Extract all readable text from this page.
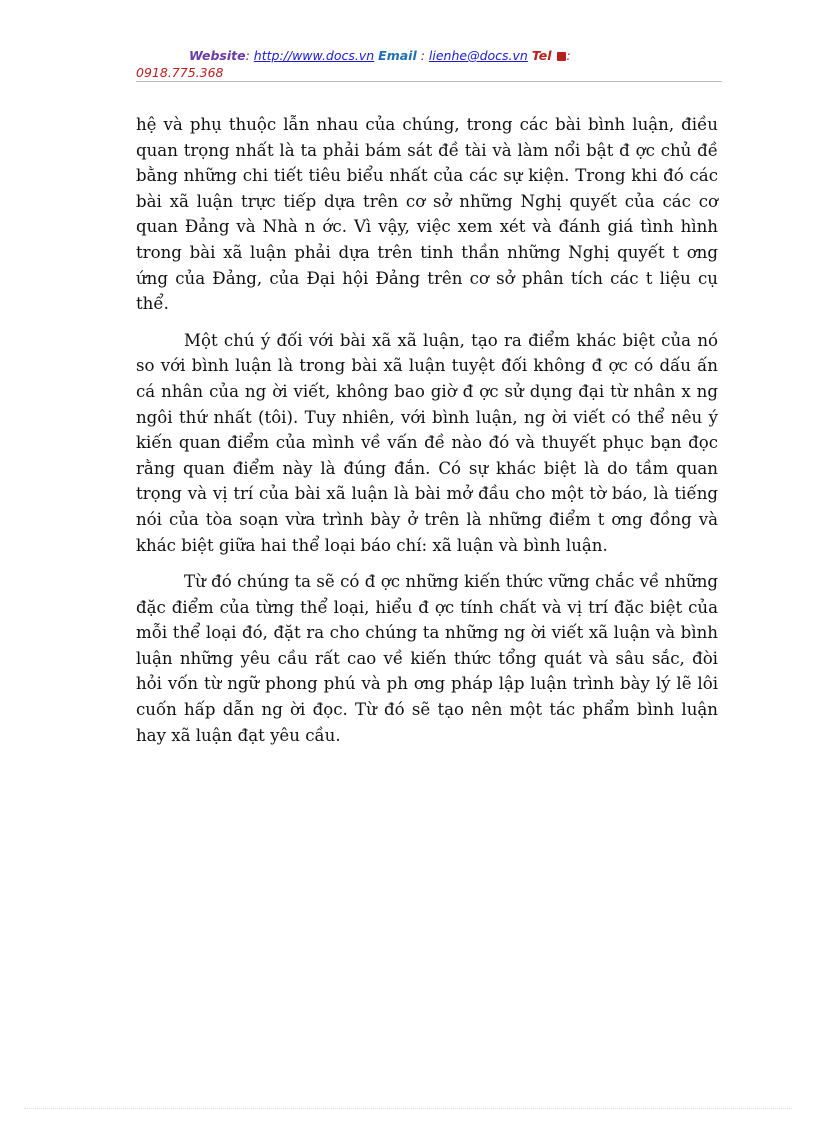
Website: http://www.docs.vn Email : lienhe@docs.vn Tel :
0918.775.368

hệ và phụ thuộc lẫn nhau của chúng, trong các bài bình luận, điều quan trọng nhất là ta phải bám sát đề tài và làm nổi bật đ ợc chủ đề bằng những chi tiết tiêu biểu nhất của các sự kiện. Trong khi đó các bài xã luận trực tiếp dựa trên cơ sở những Nghị quyết của các cơ quan Đảng và Nhà n ớc. Vì vậy, việc xem xét và đánh giá tình hình trong bài xã luận phải dựa trên tinh thần những Nghị quyết t ơng ứng của Đảng, của Đại hội Đảng trên cơ sở phân tích các t liệu cụ thể.

Một chú ý đối với bài xã xã luận, tạo ra điểm khác biệt của nó so với bình luận là trong bài xã luận tuyệt đối không đ ợc có dấu ấn cá nhân của ng ời viết, không bao giờ đ ợc sử dụng đại từ nhân x ng ngôi thứ nhất (tôi). Tuy nhiên, với bình luận, ng ời viết có thể nêu ý kiến quan điểm của mình về vấn đề nào đó và thuyết phục bạn đọc rằng quan điểm này là đúng đắn. Có sự khác biệt là do tầm quan trọng và vị trí của bài xã luận là bài mở đầu cho một tờ báo, là tiếng nói của tòa soạn vừa trình bày ở trên là những điểm t ơng đồng và khác biệt giữa hai thể loại báo chí: xã luận và bình luận.

Từ đó chúng ta sẽ có đ ợc những kiến thức vững chắc về những đặc điểm của từng thể loại, hiểu đ ợc tính chất và vị trí đặc biệt của mỗi thể loại đó, đặt ra cho chúng ta những ng ời viết xã luận và bình luận những yêu cầu rất cao về kiến thức tổng quát và sâu sắc, đòi hỏi vốn từ ngữ phong phú và ph ơng pháp lập luận trình bày lý lẽ lôi cuốn hấp dẫn ng ời đọc. Từ đó sẽ tạo nên một tác phẩm bình luận hay xã luận đạt yêu cầu.
